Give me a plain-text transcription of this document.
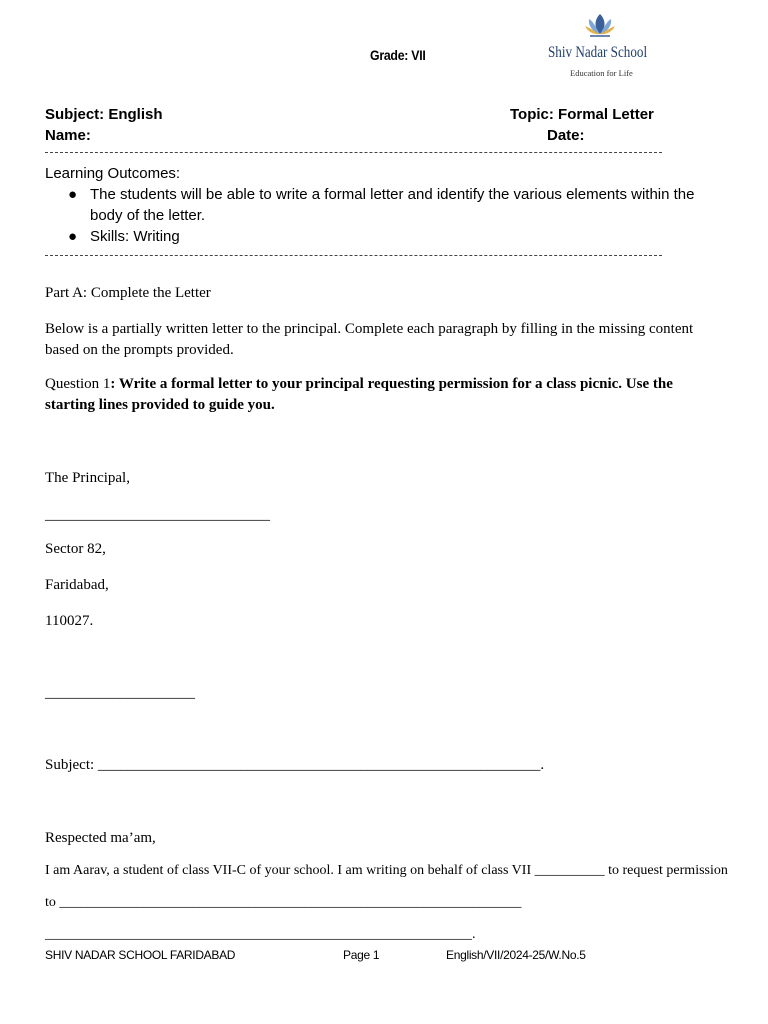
Grade: VII	Shiv Nadar School
Education for Life
Subject: English	Topic: Formal Letter
Name:	Date:
Learning Outcomes:
● The students will be able to write a formal letter and identify the various elements within the body of the letter.
● Skills: Writing
Part A: Complete the Letter
Below is a partially written letter to the principal. Complete each paragraph by filling in the missing content based on the prompts provided.
Question 1: Write a formal letter to your principal requesting permission for a class picnic. Use the starting lines provided to guide you.
The Principal,
______________________________
Sector 82,
Faridabad,
110027.
____________________
Subject: ___________________________________________________________.
Respected ma’am,
I am Aarav, a student of class VII-C of your school. I am writing on behalf of class VII __________ to request permission
to __________________________________________________________________
_____________________________________________________________.
SHIV NADAR SCHOOL FARIDABAD	Page 1	English/VII/2024-25/W.No.5
